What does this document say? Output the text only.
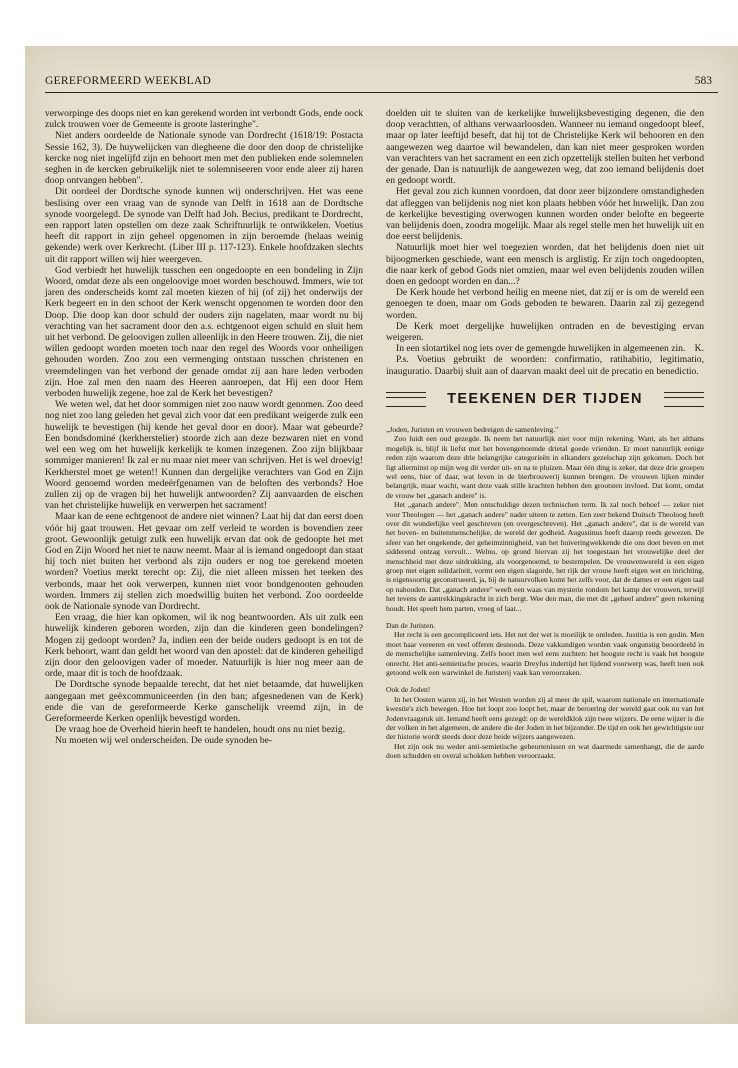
GEREFORMEERD WEEKBLAD	583

verworpinge des doops niet en kan gerekend worden int verbondt Gods, ende oock zulck trouwen voer de Gemeente is groote lasteringhe".

Niet anders oordeelde de Nationale synode van Dordrecht (1618/19: Postacta Sessie 162, 3). De huywelijcken van diegheene die door den doop de christelijke kercke nog niet ingelijfd zijn en behoort men met den publieken ende solemnelen seghen in de kercken gebruikelijk niet te solemniseeren voor ende aleer zij haren doop ontvangen hebben".

Dit oordeel der Dordtsche synode kunnen wij onderschrijven. Het was eene beslising over een vraag van de synode van Delft in 1618 aan de Dordtsche synode voorgelegd. De synode van Delft had Joh. Becius, predikant te Dordrecht, een rapport laten opstellen om deze zaak Schriftuurlijk te ontwikkelen. Voetius heeft dit rapport in zijn geheel opgenomen in zijn beroemde (helaas weinig gekende) werk over Kerkrecht. (Liber III p. 117-123). Enkele hoofdzaken slechts uit dit rapport willen wij hier weergeven.

God verbiedt het huwelijk tusschen een ongedoopte en een bondeling in Zijn Woord, omdat deze als een ongeloovige moet worden beschouwd. Immers, wie tot jaren des onderscheids komt zal moeten kiezen of hij (of zij) het onderwijs der Kerk begeert en in den schoot der Kerk wenscht opgenomen te worden door den Doop. Die doop kan door schuld der ouders zijn nagelaten, maar wordt nu bij verachting van het sacrament door den a.s. echtgenoot eigen schuld en sluit hem uit het verbond. De geloovigen zullen alleenlijk in den Heere trouwen. Zij, die niet willen gedoopt worden moeten toch naar den regel des Woords voor onheiligen gehouden worden. Zoo zou een vermenging ontstaan tusschen christenen en vreemdelingen van het verbond der genade omdat zij aan hare leden verboden zijn. Hoe zal men den naam des Heeren aanroepen, dat Hij een door Hem verboden huwelijk zegene, hoe zal de Kerk het bevestigen?

We weten wel, dat het door sommigen niet zoo nauw wordt genomen. Zoo deed nog niet zoo lang geleden het geval zich voor dat een predikant weigerde zulk een huwelijk te bevestigen (hij kende het geval door en door). Maar wat gebeurde? Een bondsdominé (kerkherstelier) stoorde zich aan deze bezwaren niet en vond wel een weg om het huwelijk kerkelijk te komen inzegenen. Zoo zijn blijkbaar sommiger manieren! Ik zal er nu maar niet meer van schrijven. Het is wel droevig! Kerkherstel moet ge weten!! Kunnen dan dergelijke verachters van God en Zijn Woord genoemd worden medeërfgenamen van de beloften des verbonds? Hoe zullen zij op de vragen bij het huwelijk antwoorden? Zij aanvaarden de eischen van het christelijke huwelijk en verwerpen het sacrament!

Maar kan de eene echtgenoot de andere niet winnen? Laat hij dat dan eerst doen vóór hij gaat trouwen. Het gevaar om zelf verleid te worden is bovendien zeer groot. Gewoonlijk getuigt zulk een huwelijk ervan dat ook de gedoopte het met God en Zijn Woord het niet te nauw neemt. Maar al is iemand ongedoopt dan staat hij toch niet buiten het verbond als zijn ouders er nog toe gerekend moeten worden? Voetius merkt terecht op: Zij, die niet alleen missen het teeken des verbonds, maar het ook verwerpen, kunnen niet voor bondgenooten gehouden worden. Immers zij stellen zich moedwillig buiten het verbond. Zoo oordeelde ook de Nationale synode van Dordrecht.

Een vraag, die hier kan opkomen, wil ik nog beantwoorden. Als uit zulk een huwelijk kinderen geboren worden, zijn dan die kinderen geen bondelingen? Mogen zij gedoopt worden? Ja, indien een der beide ouders gedoopt is en tot de Kerk behoort, want dan geldt het woord van den apostel: dat de kinderen geheiligd zijn door den geloovigen vader of moeder. Natuurlijk is hier nog meer aan de orde, maar dit is toch de hoofdzaak.

De Dordtsche synode bepaalde terecht, dat het niet betaamde, dat huwelijken aangegaan met geëxcommuniceerden (in den ban; afgesnedenen van de Kerk) ende die van de gereformeerde Kerke ganschelijk vreemd zijn, in de Gereformeerde Kerken openlijk bevestigd worden.

De vraag hoe de Overheid hierin heeft te handelen, houdt ons nu niet bezig.

Nu moeten wij wel onderscheiden. De oude synoden be-

doelden uit te sluiten van de kerkelijke huwelijksbevestiging degenen, die den doop verachtten, of althans verwaarloosden. Wanneer nu iemand ongedoopt bleef, maar op later leeftijd beseft, dat hij tot de Christelijke Kerk wil behooren en den aangewezen weg daartoe wil bewandelen, dan kan niet meer gesproken worden van verachters van het sacrament en een zich opzettelijk stellen buiten het verbond der genade. Dan is natuurlijk de aangewezen weg, dat zoo iemand belijdenis doet en gedoopt wordt.

Het geval zou zich kunnen voordoen, dat door zeer bijzondere omstandigheden dat afleggen van belijdenis nog niet kon plaats hebben vóór het huwelijk. Dan zou de kerkelijke bevestiging overwogen kunnen worden onder belofte en begeerte van belijdenis doen, zoodra mogelijk. Maar als regel stelle men het huwelijk uit en doe eerst belijdenis.

Natuurlijk moet hier wel toegezien worden, dat het belijdenis doen niet uit bijoogmerken geschiede, want een mensch is arglistig. Er zijn toch ongedoopten, die naar kerk of gebod Gods niet omzien, maar wel even belijdenis zouden willen doen en gedoopt worden en dan...?

De Kerk houde het verbond heilig en meene niet, dat zij er is om de wereld een genoegen te doen, maar om Gods geboden te bewaren. Daarin zal zij gezegend worden.

De Kerk moet dergelijke huwelijken ontraden en de bevestiging ervan weigeren.

In een slotartikel nog iets over de gemengde huwelijken in algemeenen zin. K.

P.s. Voetius gebruikt de woorden: confirmatio, ratihabitio, legitimatio, inauguratio. Daarbij sluit aan of daarvan maakt deel uit de precatio en benedictio.

TEEKENEN DER TIJDEN

„Joden, Juristen en vrouwen bedreigen de samenleving."

Zoo luidt een oud gezegde. Ik neem het natuurlijk niet voor mijn rekening. Want, als het althans mogelijk is, blijf ik liefst met het bovengenoemde drietal goede vrienden. Er moet natuurlijk eenige reden zijn waarom deze drie belangrijke categorieën in elkanders gezelschap zijn gekomen. Doch het ligt allerminst op mijn weg dit verder uit- en na te pluizen. Maar één ding is zeker, dat deze drie groepen wel eens, hier of daar, wat leven in de bierbrouwerij kunnen brengen. De vrouwen lijken minder belangrijk, maar wacht, want deze vaak stille krachten hebben den grootsten invloed. Dat komt, omdat de vrouw het „ganach andere" is.

Het „ganach andere". Men ontschuldige dezen technischen term. Ik zal noch behoef — zeker niet voor Theologen — het „ganach andere" nader uiteen te zetten. Een zeer bekend Duitsch Theoloog heeft over dit wonderlijke veel geschreven (en overgeschreven). Het „ganach andere", dat is de wereld van het boven- en buitenmenschelijke, de wereld der godheid. Augustinus heeft daarop reeds gewezen. De sfeer van het ongekende, der geheimzinnigheid, van het huiveringwekkende die ons doet beven en met sidderend ontzag vervult... Welnu, op grond hiervan zij het toegestaan het vrouwelijke deel der menschheid met deze uitdrukking, als voorgenoemd, te bestempelen. De vrouwenwereld is een eigen groep met eigen solidariteit, vormt een eigen slagorde, het rijk der vrouw heeft eigen wet en inrichting, is eigensoortig geconstrueerd, ja, bij de natuurvolken komt het zelfs voor, dat de dames er een eigen taal op nahouden. Dat „ganach andere" weeft een waas van mysterie rondom het kamp der vrouwen, terwijl het tevens de aantrekkingskracht in zich bergt. Wee den man, die met dit „geheel andere" geen rekening houdt. Het speelt hem parten, vroeg of laat...

Dan de Juristen.

Het recht is een gecompliceerd iets. Het net der wet is moeilijk te ontleden. Justitia is een godin. Men moet haar vereeren en veel offeren desnoods. Deze vakkundigen worden vaak ongunstig beoordeeld in de menschelijke samenleving. Zelfs hoort men wel eens zuchten: het hoogste recht is vaak het hoogste onrecht. Het anti-semietische proces, waarin Dreyfus indertijd het lijdend voorwerp was, heeft toen ook getoond welk een warwinkel de Juristerij vaak kan veroorzaken.

Ook de Joden!

In het Oosten waren zij, in het Westen worden zij al meer de spil, waarom nationale en internationale kwestie's zich bewegen. Hoe het loopt zoo loopt het, maar de beroering der wereld gaat ook nu van het Jodenvraagstuk uit. Iemand heeft eens gezegd: op de wereldklok zijn twee wijzers. De eene wijzer is die der volken in het algemeen, de andere die der Joden in het bijzonder. De tijd en ook het gewichtigste uur der historie wordt steeds door deze beide wijzers aangewezen.

Het zijn ook nu weder anti-semietische gebeurtenissen en wat daarmede samenhangt, die de aarde doen schudden en overal schokken hebben veroorzaakt.
